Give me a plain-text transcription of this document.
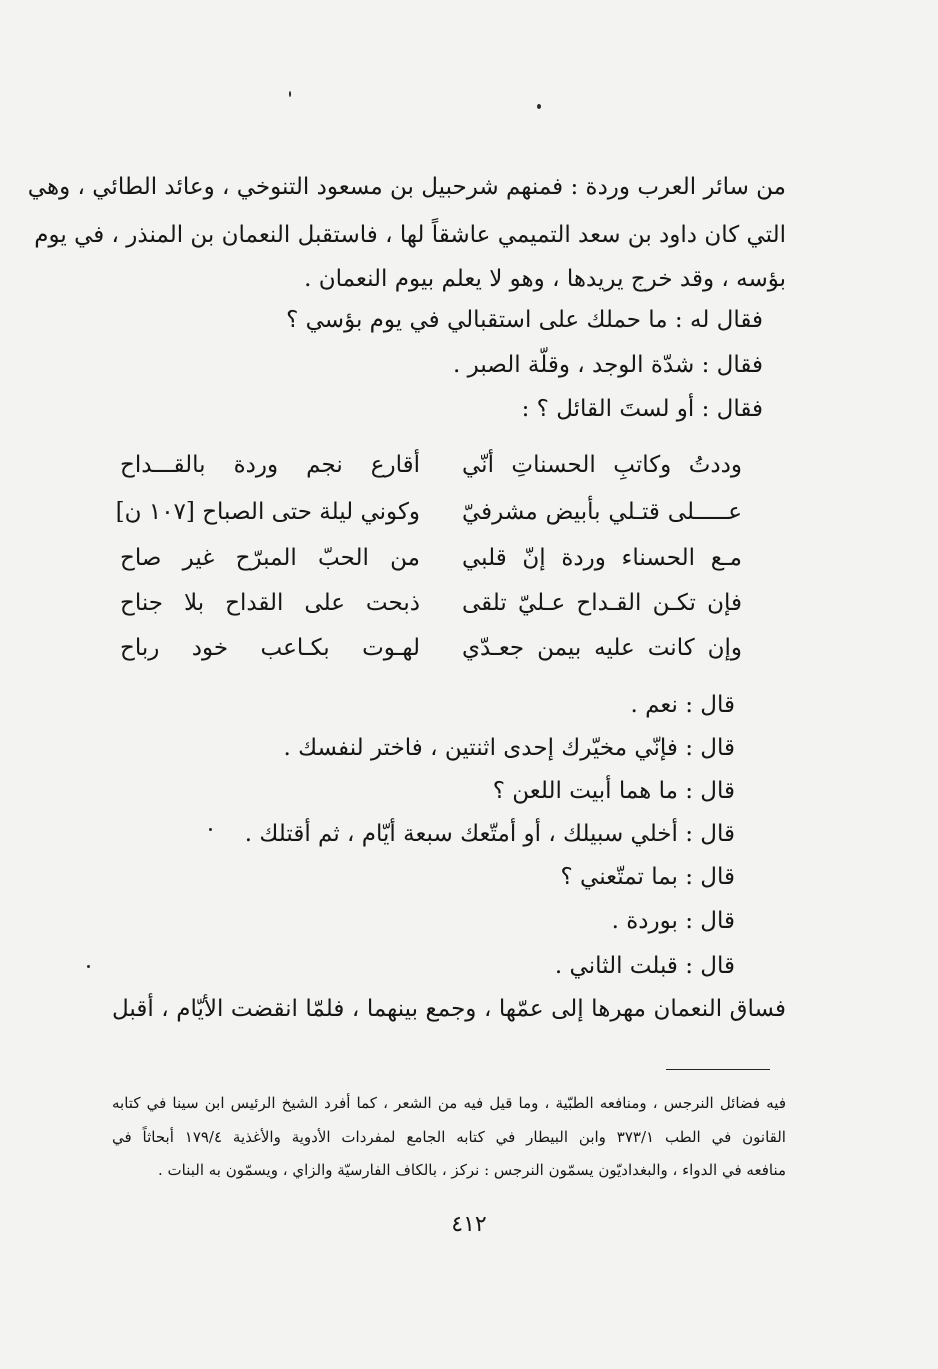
من سائر العرب وردة : فمنهم شرحبيل بن مسعود التنوخي ، وعائد الطائي ، وهي
التي كان داود بن سعد التميمي عاشقاً لها ، فاستقبل النعمان بن المنذر ، في يوم
بؤسه ، وقد خرج يريدها ، وهو لا يعلم بيوم النعمان .
فقال له : ما حملك على استقبالي في يوم بؤسي ؟
فقال : شدّة الوجد ، وقلّة الصبر .
فقال : أو لستَ القائل ؟ :
وددتُ وكاتبِ الحسناتِ أنّي
أقارع نجم وردة بالقـــداح
عـــــلى قتـلي بأبيض مشرفيّ
وكوني ليلة حتى الصباح [١٠٧ ن]
مـع الحسناء وردة إنّ قلبي
من الحبّ المبرّح غير صاح
فإن تكـن القـداح عـليّ تلقى
ذبحت على القداح بلا جناح
وإن كانت عليه بيمن جعـدّي
لهـوت بكـاعب خود رباح
قال : نعم .
قال : فإنّي مخيّرك إحدى اثنتين ، فاختر لنفسك .
قال : ما هما أبيت اللعن ؟
قال : أخلي سبيلك ، أو أمتّعك سبعة أيّام ، ثم أقتلك .
قال : بما تمتّعني ؟
قال : بوردة .
قال : قبلت الثاني .
فساق النعمان مهرها إلى عمّها ، وجمع بينهما ، فلمّا انقضت الأيّام ، أقبل
فيه فضائل النرجس ، ومنافعه الطبّية ، وما قيل فيه من الشعر ، كما أفرد الشيخ الرئيس ابن سينا في كتابه
القانون في الطب ٣٧٣/١ وابن البيطار في كتابه الجامع لمفردات الأدوية والأغذية ١٧٩/٤ أبحاثاً في
منافعه في الدواء ، والبغداديّون يسمّون النرجس : نركز ، بالكاف الفارسيّة والزاي ، ويسمّون به البنات .
٤١٢
